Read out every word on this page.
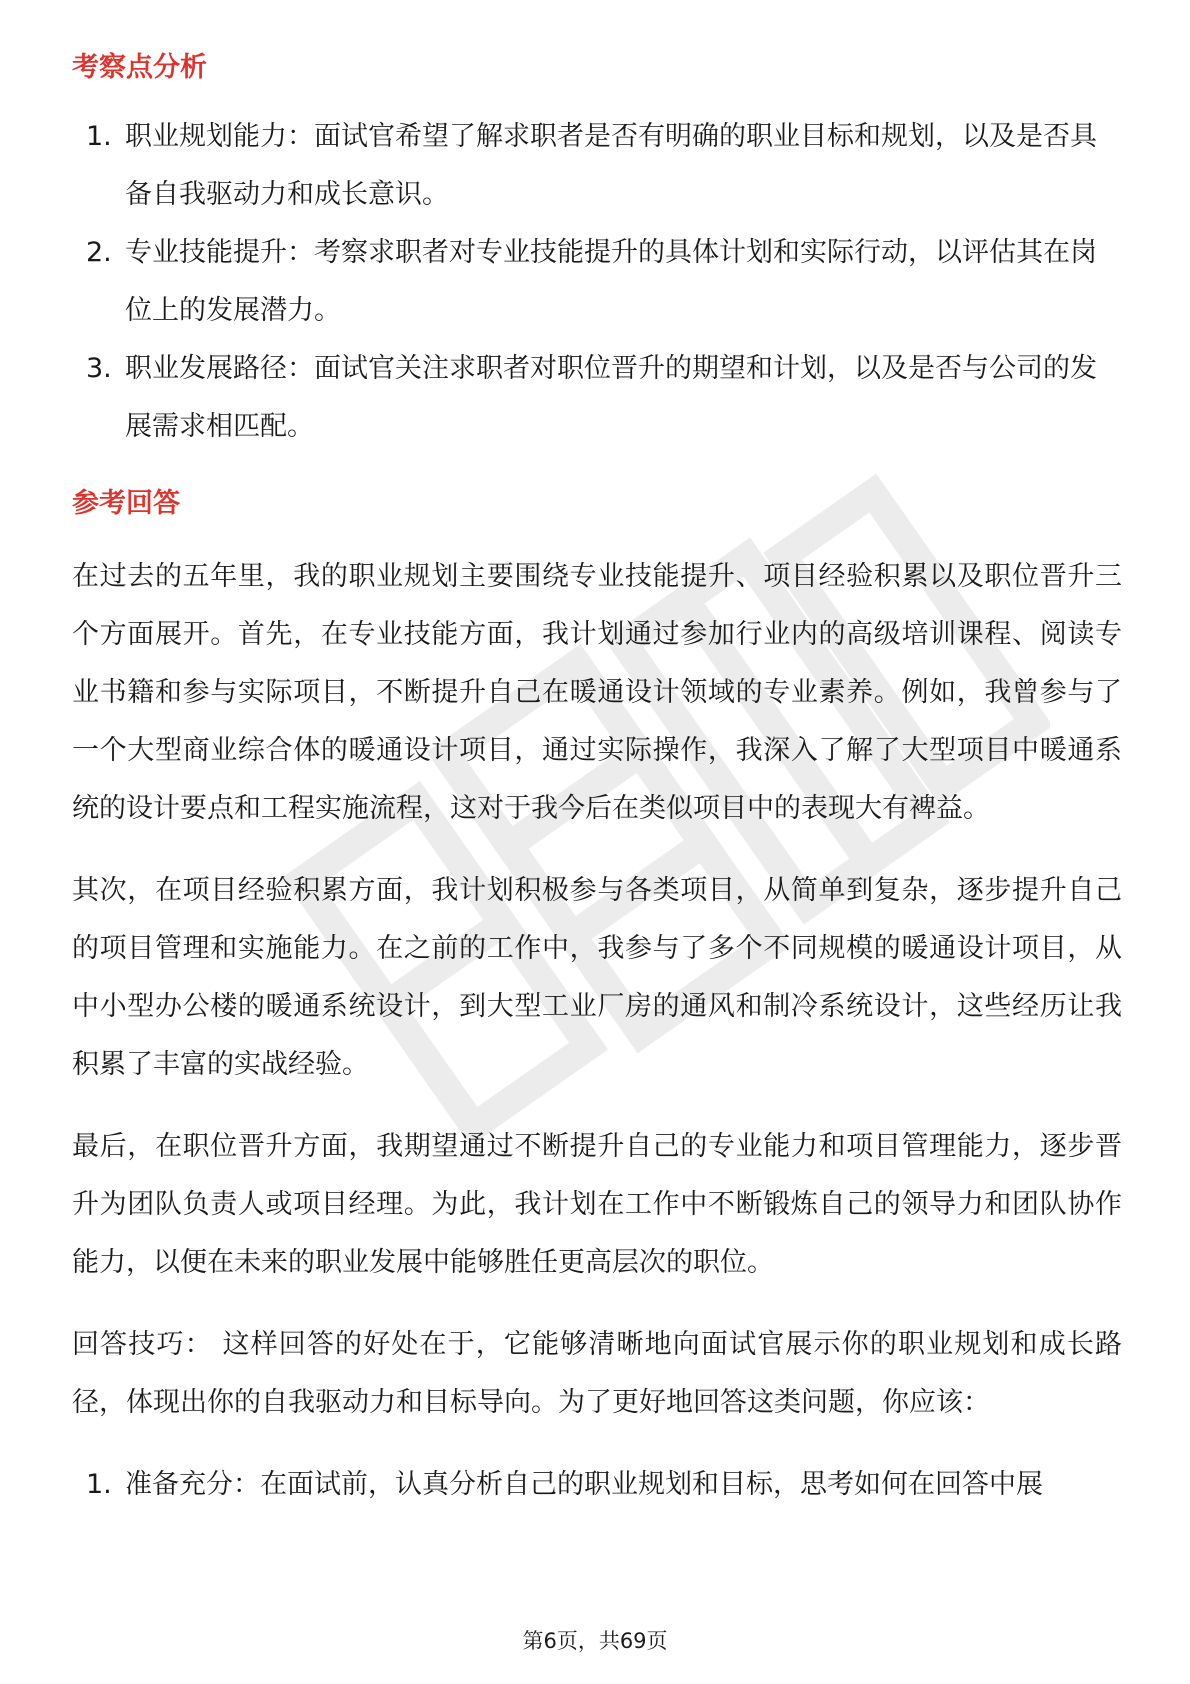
考察点分析
1. 职业规划能力：面试官希望了解求职者是否有明确的职业目标和规划，以及是否具备自我驱动力和成长意识。
2. 专业技能提升：考察求职者对专业技能提升的具体计划和实际行动，以评估其在岗位上的发展潜力。
3. 职业发展路径：面试官关注求职者对职位晋升的期望和计划，以及是否与公司的发展需求相匹配。
参考回答

在过去的五年里，我的职业规划主要围绕专业技能提升、项目经验积累以及职位晋升三个方面展开。首先，在专业技能方面，我计划通过参加行业内的高级培训课程、阅读专业书籍和参与实际项目，不断提升自己在暖通设计领域的专业素养。例如，我曾参与了一个大型商业综合体的暖通设计项目，通过实际操作，我深入了解了大型项目中暖通系统的设计要点和工程实施流程，这对于我今后在类似项目中的表现大有裨益。

其次，在项目经验积累方面，我计划积极参与各类项目，从简单到复杂，逐步提升自己的项目管理和实施能力。在之前的工作中，我参与了多个不同规模的暖通设计项目，从中小型办公楼的暖通系统设计，到大型工业厂房的通风和制冷系统设计，这些经历让我积累了丰富的实战经验。

最后，在职位晋升方面，我期望通过不断提升自己的专业能力和项目管理能力，逐步晋升为团队负责人或项目经理。为此，我计划在工作中不断锻炼自己的领导力和团队协作能力，以便在未来的职业发展中能够胜任更高层次的职位。

回答技巧： 这样回答的好处在于，它能够清晰地向面试官展示你的职业规划和成长路径，体现出你的自我驱动力和目标导向。为了更好地回答这类问题，你应该：

1. 准备充分：在面试前，认真分析自己的职业规划和目标，思考如何在回答中展
第6页，共69页
